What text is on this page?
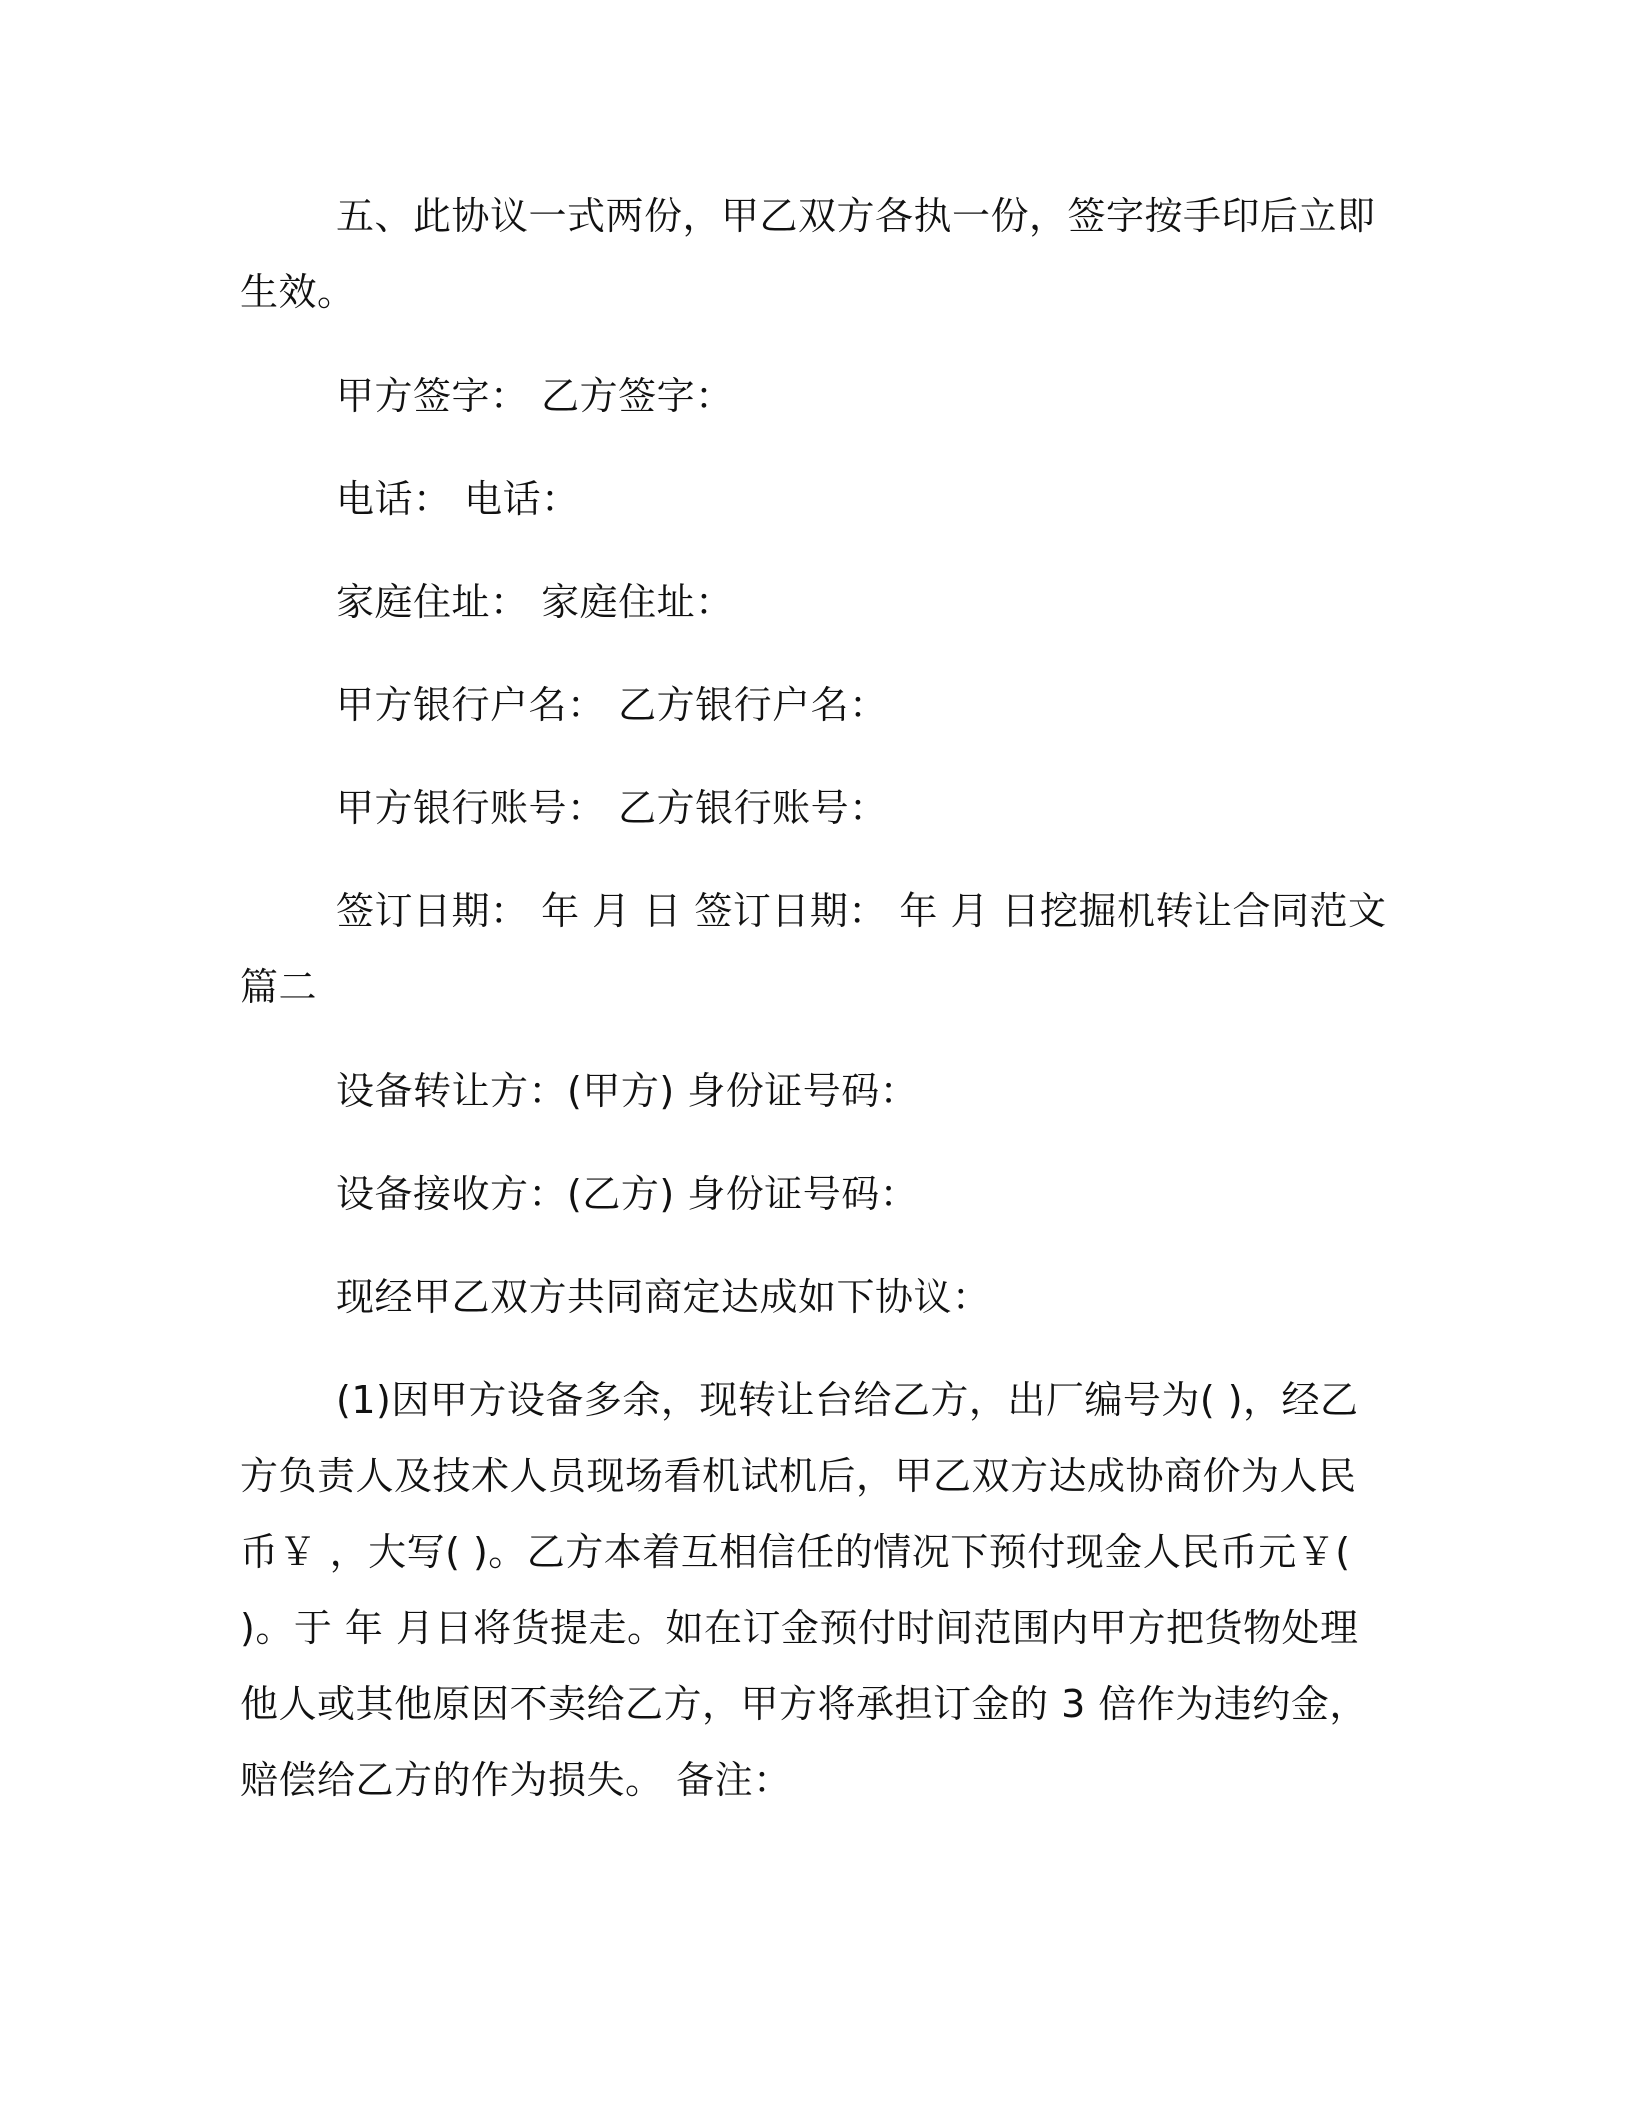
五、此协议一式两份，甲乙双方各执一份，签字按手印后立即生效。

甲方签字： 乙方签字：

电话： 电话：

家庭住址： 家庭住址：

甲方银行户名： 乙方银行户名：

甲方银行账号： 乙方银行账号：

签订日期： 年 月 日 签订日期： 年 月 日挖掘机转让合同范文篇二

设备转让方：(甲方) 身份证号码：

设备接收方：(乙方) 身份证号码：

现经甲乙双方共同商定达成如下协议：

(1)因甲方设备多余，现转让台给乙方，出厂编号为( )，经乙方负责人及技术人员现场看机试机后，甲乙双方达成协商价为人民币￥ ，大写( )。乙方本着互相信任的情况下预付现金人民币元￥( )。于 年 月日将货提走。如在订金预付时间范围内甲方把货物处理他人或其他原因不卖给乙方，甲方将承担订金的 3 倍作为违约金，赔偿给乙方的作为损失。 备注：
